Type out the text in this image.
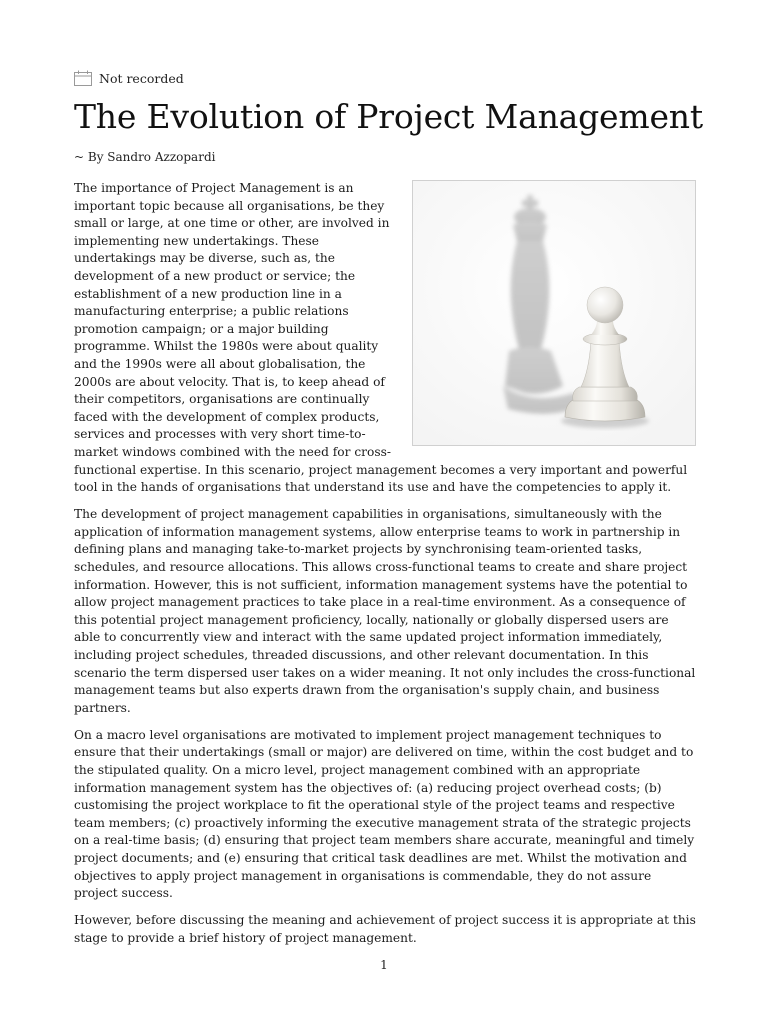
Not recorded
The Evolution of Project Management
~ By Sandro Azzopardi

The importance of Project Management is an important topic because all organisations, be they small or large, at one time or other, are involved in implementing new undertakings. These undertakings may be diverse, such as, the development of a new product or service; the establishment of a new production line in a manufacturing enterprise; a public relations promotion campaign; or a major building programme. Whilst the 1980s were about quality and the 1990s were all about globalisation, the 2000s are about velocity. That is, to keep ahead of their competitors, organisations are continually faced with the development of complex products, services and processes with very short time-to-market windows combined with the need for cross-functional expertise. In this scenario, project management becomes a very important and powerful tool in the hands of organisations that understand its use and have the competencies to apply it.

The development of project management capabilities in organisations, simultaneously with the application of information management systems, allow enterprise teams to work in partnership in defining plans and managing take-to-market projects by synchronising team-oriented tasks, schedules, and resource allocations. This allows cross-functional teams to create and share project information. However, this is not sufficient, information management systems have the potential to allow project management practices to take place in a real-time environment. As a consequence of this potential project management proficiency, locally, nationally or globally dispersed users are able to concurrently view and interact with the same updated project information immediately, including project schedules, threaded discussions, and other relevant documentation. In this scenario the term dispersed user takes on a wider meaning. It not only includes the cross-functional management teams but also experts drawn from the organisation's supply chain, and business partners.

On a macro level organisations are motivated to implement project management techniques to ensure that their undertakings (small or major) are delivered on time, within the cost budget and to the stipulated quality. On a micro level, project management combined with an appropriate information management system has the objectives of: (a) reducing project overhead costs; (b) customising the project workplace to fit the operational style of the project teams and respective team members; (c) proactively informing the executive management strata of the strategic projects on a real-time basis; (d) ensuring that project team members share accurate, meaningful and timely project documents; and (e) ensuring that critical task deadlines are met. Whilst the motivation and objectives to apply project management in organisations is commendable, they do not assure project success.

However, before discussing the meaning and achievement of project success it is appropriate at this stage to provide a brief history of project management.

1
